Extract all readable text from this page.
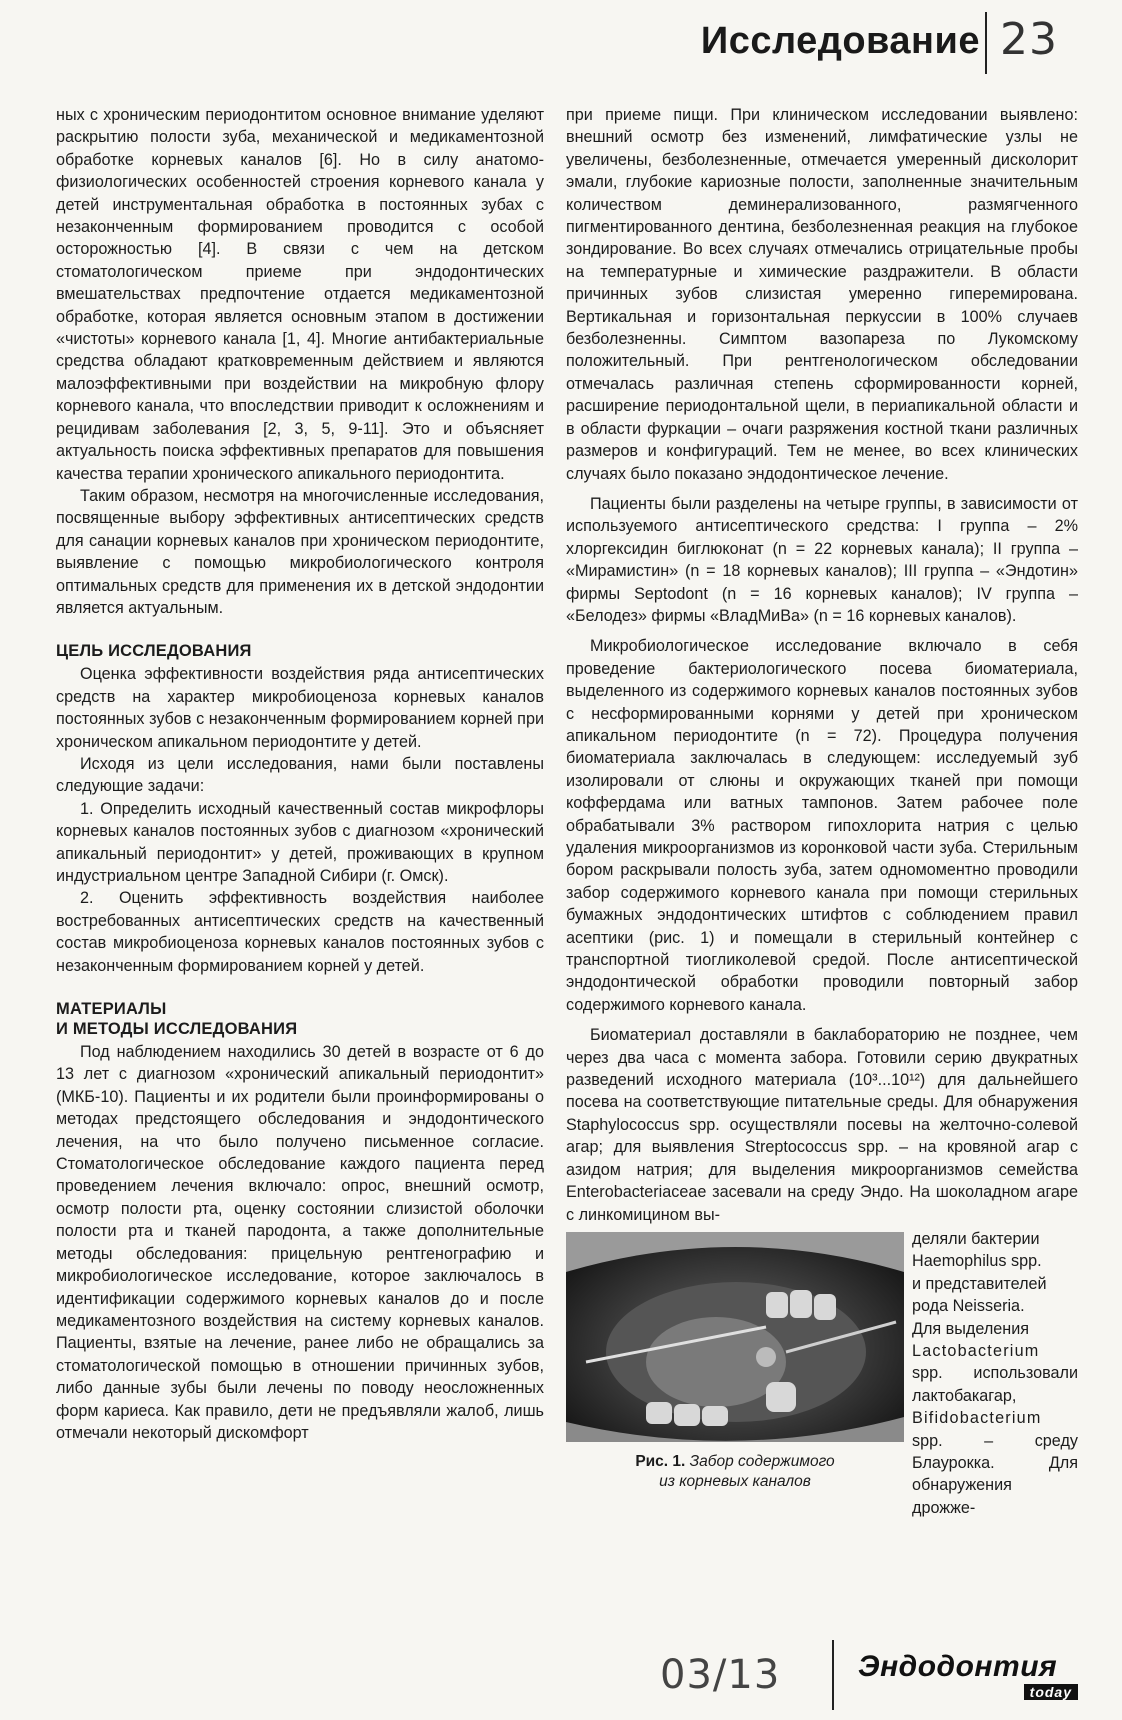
Исследование 23

ных с хроническим периодонтитом основное внимание уделяют раскрытию полости зуба, механической и медикаментозной обработке корневых каналов [6]. Но в силу анатомо-физиологических особенностей строения корневого канала у детей инструментальная обработка в постоянных зубах с незаконченным формированием проводится с особой осторожностью [4]. В связи с чем на детском стоматологическом приеме при эндодонтических вмешательствах предпочтение отдается медикаментозной обработке, которая является основным этапом в достижении «чистоты» корневого канала [1, 4]. Многие антибактериальные средства обладают кратковременным действием и являются малоэффективными при воздействии на микробную флору корневого канала, что впоследствии приводит к осложнениям и рецидивам заболевания [2, 3, 5, 9-11]. Это и объясняет актуальность поиска эффективных препаратов для повышения качества терапии хронического апикального периодонтита.

Таким образом, несмотря на многочисленные исследования, посвященные выбору эффективных антисептических средств для санации корневых каналов при хроническом периодонтите, выявление с помощью микробиологического контроля оптимальных средств для применения их в детской эндодонтии является актуальным.

ЦЕЛЬ ИССЛЕДОВАНИЯ

Оценка эффективности воздействия ряда антисептических средств на характер микробиоценоза корневых каналов постоянных зубов с незаконченным формированием корней при хроническом апикальном периодонтите у детей.

Исходя из цели исследования, нами были поставлены следующие задачи:

1. Определить исходный качественный состав микрофлоры корневых каналов постоянных зубов с диагнозом «хронический апикальный периодонтит» у детей, проживающих в крупном индустриальном центре Западной Сибири (г. Омск).

2. Оценить эффективность воздействия наиболее востребованных антисептических средств на качественный состав микробиоценоза корневых каналов постоянных зубов с незаконченным формированием корней у детей.

МАТЕРИАЛЫ
И МЕТОДЫ ИССЛЕДОВАНИЯ

Под наблюдением находились 30 детей в возрасте от 6 до 13 лет с диагнозом «хронический апикальный периодонтит» (МКБ-10). Пациенты и их родители были проинформированы о методах предстоящего обследования и эндодонтического лечения, на что было получено письменное согласие. Стоматологическое обследование каждого пациента перед проведением лечения включало: опрос, внешний осмотр, осмотр полости рта, оценку состоянии слизистой оболочки полости рта и тканей пародонта, а также дополнительные методы обследования: прицельную рентгенографию и микробиологическое исследование, которое заключалось в идентификации содержимого корневых каналов до и после медикаментозного воздействия на систему корневых каналов. Пациенты, взятые на лечение, ранее либо не обращались за стоматологической помощью в отношении причинных зубов, либо данные зубы были лечены по поводу неосложненных форм кариеса. Как правило, дети не предъявляли жалоб, лишь отмечали некоторый дискомфорт

при приеме пищи. При клиническом исследовании выявлено: внешний осмотр без изменений, лимфатические узлы не увеличены, безболезненные, отмечается умеренный дисколорит эмали, глубокие кариозные полости, заполненные значительным количеством деминерализованного, размягченного пигментированного дентина, безболезненная реакция на глубокое зондирование. Во всех случаях отмечались отрицательные пробы на температурные и химические раздражители. В области причинных зубов слизистая умеренно гиперемирована. Вертикальная и горизонтальная перкуссии в 100% случаев безболезненны. Симптом вазопареза по Лукомскому положительный. При рентгенологическом обследовании отмечалась различная степень сформированности корней, расширение периодонтальной щели, в периапикальной области и в области фуркации – очаги разряжения костной ткани различных размеров и конфигураций. Тем не менее, во всех клинических случаях было показано эндодонтическое лечение.

Пациенты были разделены на четыре группы, в зависимости от используемого антисептического средства: I группа – 2% хлоргексидин биглюконат (n = 22 корневых канала); II группа – «Мирамистин» (n = 18 корневых каналов); III группа – «Эндотин» фирмы Septodont (n = 16 корневых каналов); IV группа – «Белодез» фирмы «ВладМиВа» (n = 16 корневых каналов).

Микробиологическое исследование включало в себя проведение бактериологического посева биоматериала, выделенного из содержимого корневых каналов постоянных зубов с несформированными корнями у детей при хроническом апикальном периодонтите (n = 72). Процедура получения биоматериала заключалась в следующем: исследуемый зуб изолировали от слюны и окружающих тканей при помощи коффердама или ватных тампонов. Затем рабочее поле обрабатывали 3% раствором гипохлорита натрия с целью удаления микроорганизмов из коронковой части зуба. Стерильным бором раскрывали полость зуба, затем одномоментно проводили забор содержимого корневого канала при помощи стерильных бумажных эндодонтических штифтов с соблюдением правил асептики (рис. 1) и помещали в стерильный контейнер с транспортной тиогликолевой средой. После антисептической эндодонтической обработки проводили повторный забор содержимого корневого канала.

Биоматериал доставляли в баклабораторию не позднее, чем через два часа с момента забора. Готовили серию двукратных разведений исходного материала (10³...10¹²) для дальнейшего посева на соответствующие питательные среды. Для обнаружения Staphylococcus spp. осуществляли посевы на желточно-солевой агар; для выявления Streptococcus spp. – на кровяной агар с азидом натрия; для выделения микроорганизмов семейства Enterobacteriaceae засевали на среду Эндо. На шоколадном агаре с линкомицином вы-

Рис. 1. Забор содержимого
из корневых каналов
деляли бактерии
Haemophilus spp.
и представителей
рода Neisseria.
Для выделения
Lactobacterium
spp. использовали лактобакагар,
Bifidobacterium
spp. – среду Блаурокка. Для обнаружения дрожже-
03/13	Эндодонтия
today
